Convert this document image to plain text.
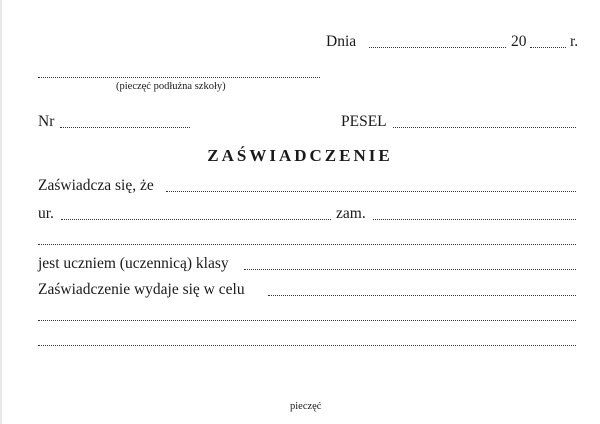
Dnia	20	r.
(pieczęć podłużna szkoły)
Nr	PESEL
ZAŚWIADCZENIE
Zaświadcza się, że
ur.	zam.
jest uczniem (uczennicą) klasy
Zaświadczenie wydaje się w celu
pieczęć
